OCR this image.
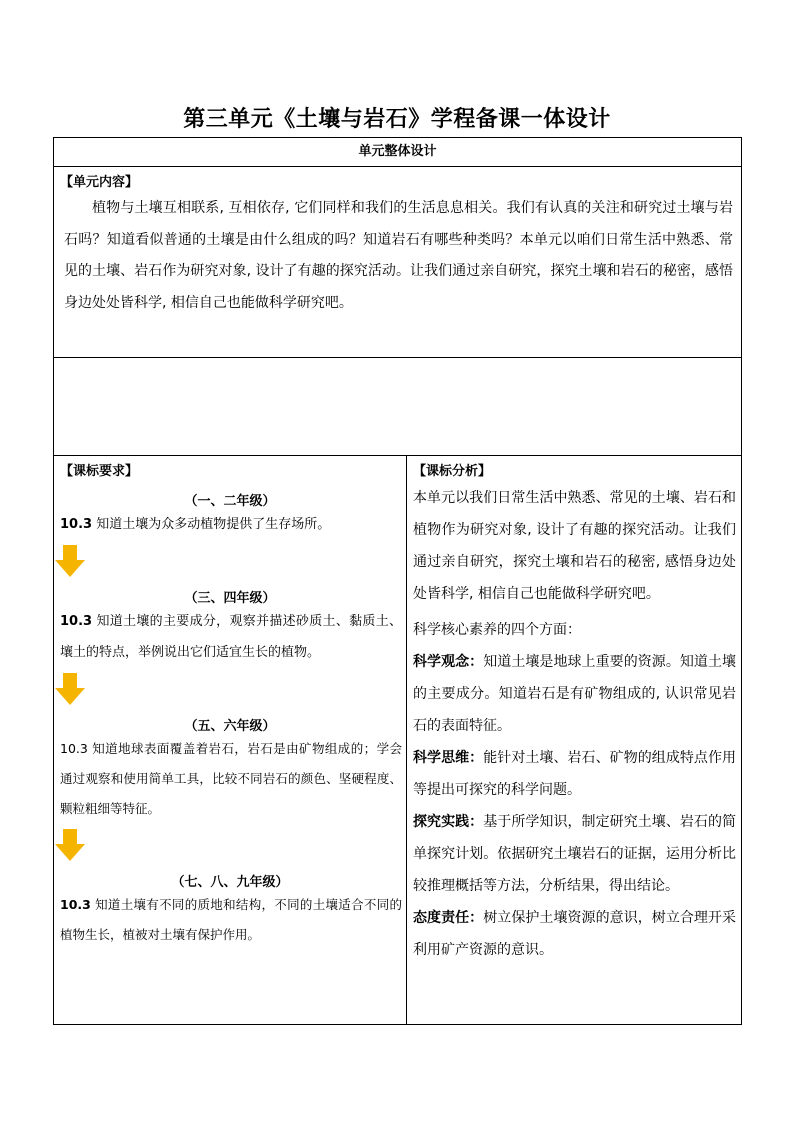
第三单元《土壤与岩石》学程备课一体设计
单元整体设计

【单元内容】
植物与土壤互相联系, 互相依存, 它们同样和我们的生活息息相关。我们有认真的关注和研究过土壤与岩石吗？知道看似普通的土壤是由什么组成的吗？知道岩石有哪些种类吗？本单元以咱们日常生活中熟悉、常见的土壤、岩石作为研究对象, 设计了有趣的探究活动。让我们通过亲自研究，探究土壤和岩石的秘密，感悟身边处处皆科学, 相信自己也能做科学研究吧。

【课标要求】
（一、二年级）
10.3 知道土壤为众多动植物提供了生存场所。
（三、四年级）
10.3 知道土壤的主要成分，观察并描述砂质土、黏质土、壤土的特点，举例说出它们适宜生长的植物。
（五、六年级）
10.3 知道地球表面覆盖着岩石，岩石是由矿物组成的；学会通过观察和使用简单工具，比较不同岩石的颜色、坚硬程度、颗粒粗细等特征。
（七、八、九年级）
10.3 知道土壤有不同的质地和结构，不同的土壤适合不同的植物生长，植被对土壤有保护作用。

【课标分析】
本单元以我们日常生活中熟悉、常见的土壤、岩石和植物作为研究对象, 设计了有趣的探究活动。让我们通过亲自研究，探究土壤和岩石的秘密, 感悟身边处处皆科学, 相信自己也能做科学研究吧。
科学核心素养的四个方面：
科学观念：知道土壤是地球上重要的资源。知道土壤的主要成分。知道岩石是有矿物组成的, 认识常见岩石的表面特征。
科学思维：能针对土壤、岩石、矿物的组成特点作用等提出可探究的科学问题。
探究实践：基于所学知识，制定研究土壤、岩石的简单探究计划。依据研究土壤岩石的证据，运用分析比较推理概括等方法，分析结果，得出结论。
态度责任：树立保护土壤资源的意识，树立合理开采利用矿产资源的意识。
